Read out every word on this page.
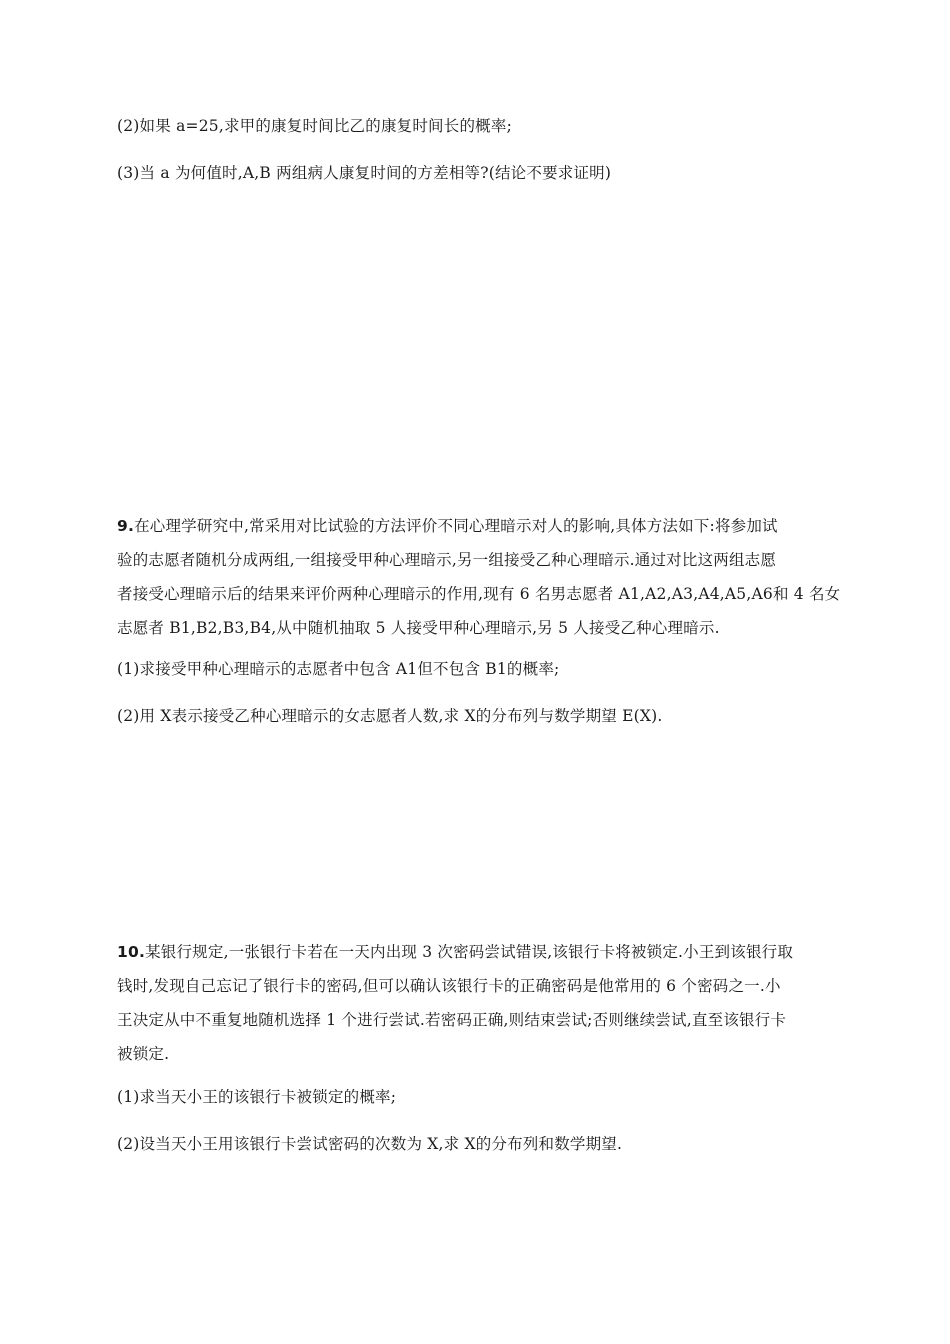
(2)如果 a=25,求甲的康复时间比乙的康复时间长的概率;
(3)当 a 为何值时,A,B 两组病人康复时间的方差相等?(结论不要求证明)
9.在心理学研究中,常采用对比试验的方法评价不同心理暗示对人的影响,具体方法如下:将参加试
验的志愿者随机分成两组,一组接受甲种心理暗示,另一组接受乙种心理暗示.通过对比这两组志愿
者接受心理暗示后的结果来评价两种心理暗示的作用,现有 6 名男志愿者 A1,A2,A3,A4,A5,A6和 4 名女
志愿者 B1,B2,B3,B4,从中随机抽取 5 人接受甲种心理暗示,另 5 人接受乙种心理暗示.
(1)求接受甲种心理暗示的志愿者中包含 A1但不包含 B1的概率;
(2)用 X表示接受乙种心理暗示的女志愿者人数,求 X的分布列与数学期望 E(X).
10.某银行规定,一张银行卡若在一天内出现 3 次密码尝试错误,该银行卡将被锁定.小王到该银行取
钱时,发现自己忘记了银行卡的密码,但可以确认该银行卡的正确密码是他常用的 6 个密码之一.小
王决定从中不重复地随机选择 1 个进行尝试.若密码正确,则结束尝试;否则继续尝试,直至该银行卡
被锁定.
(1)求当天小王的该银行卡被锁定的概率;
(2)设当天小王用该银行卡尝试密码的次数为 X,求 X的分布列和数学期望.
